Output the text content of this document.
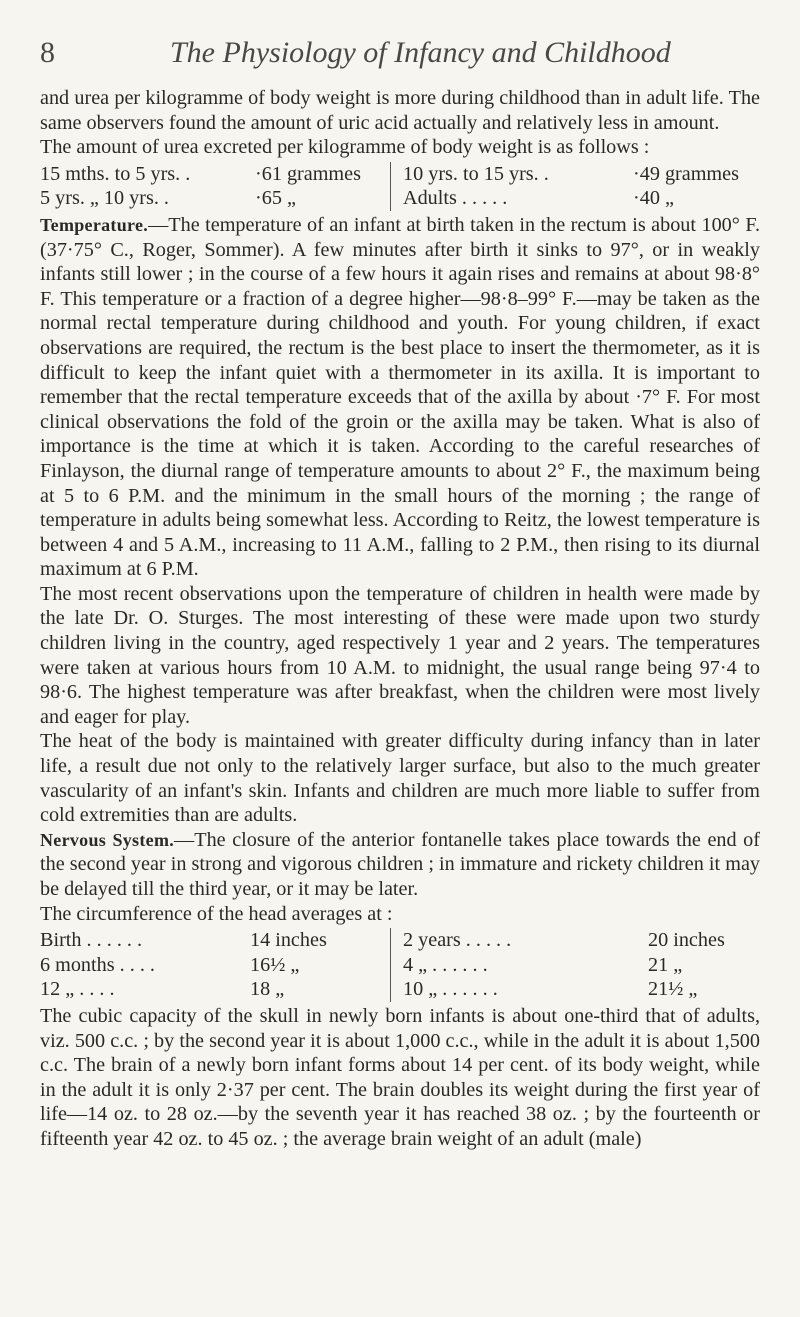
8	The Physiology of Infancy and Childhood

and urea per kilogramme of body weight is more during childhood than in adult life. The same observers found the amount of uric acid actually and relatively less in amount.

The amount of urea excreted per kilogramme of body weight is as follows :

15 mths. to 5 yrs. .	·61 grammes	10 yrs. to 15 yrs. .	·49 grammes
5 yrs. „ 10 yrs. .	·65 „	Adults . . . . .	·40 „

Temperature.—The temperature of an infant at birth taken in the rectum is about 100° F. (37·75° C., Roger, Sommer). A few minutes after birth it sinks to 97°, or in weakly infants still lower ; in the course of a few hours it again rises and remains at about 98·8° F. This temperature or a fraction of a degree higher—98·8–99° F.—may be taken as the normal rectal temperature during childhood and youth. For young children, if exact observations are required, the rectum is the best place to insert the thermometer, as it is difficult to keep the infant quiet with a thermometer in its axilla. It is important to remember that the rectal temperature exceeds that of the axilla by about ·7° F. For most clinical observations the fold of the groin or the axilla may be taken. What is also of importance is the time at which it is taken. According to the careful researches of Finlayson, the diurnal range of temperature amounts to about 2° F., the maximum being at 5 to 6 P.M. and the minimum in the small hours of the morning ; the range of temperature in adults being somewhat less. According to Reitz, the lowest temperature is between 4 and 5 A.M., increasing to 11 A.M., falling to 2 P.M., then rising to its diurnal maximum at 6 P.M.

The most recent observations upon the temperature of children in health were made by the late Dr. O. Sturges. The most interesting of these were made upon two sturdy children living in the country, aged respectively 1 year and 2 years. The temperatures were taken at various hours from 10 A.M. to midnight, the usual range being 97·4 to 98·6. The highest temperature was after breakfast, when the children were most lively and eager for play.

The heat of the body is maintained with greater difficulty during infancy than in later life, a result due not only to the relatively larger surface, but also to the much greater vascularity of an infant's skin. Infants and children are much more liable to suffer from cold extremities than are adults.

Nervous System.—The closure of the anterior fontanelle takes place towards the end of the second year in strong and vigorous children ; in immature and rickety children it may be delayed till the third year, or it may be later.

The circumference of the head averages at :

Birth . . . . . .	14 inches	2 years . . . . .	20 inches
6 months . . . .	16½ „	4 „ . . . . . .	21 „
12 „ . . . .	18 „	10 „ . . . . . .	21½ „

The cubic capacity of the skull in newly born infants is about one-third that of adults, viz. 500 c.c. ; by the second year it is about 1,000 c.c., while in the adult it is about 1,500 c.c. The brain of a newly born infant forms about 14 per cent. of its body weight, while in the adult it is only 2·37 per cent. The brain doubles its weight during the first year of life—14 oz. to 28 oz.—by the seventh year it has reached 38 oz. ; by the fourteenth or fifteenth year 42 oz. to 45 oz. ; the average brain weight of an adult (male)
